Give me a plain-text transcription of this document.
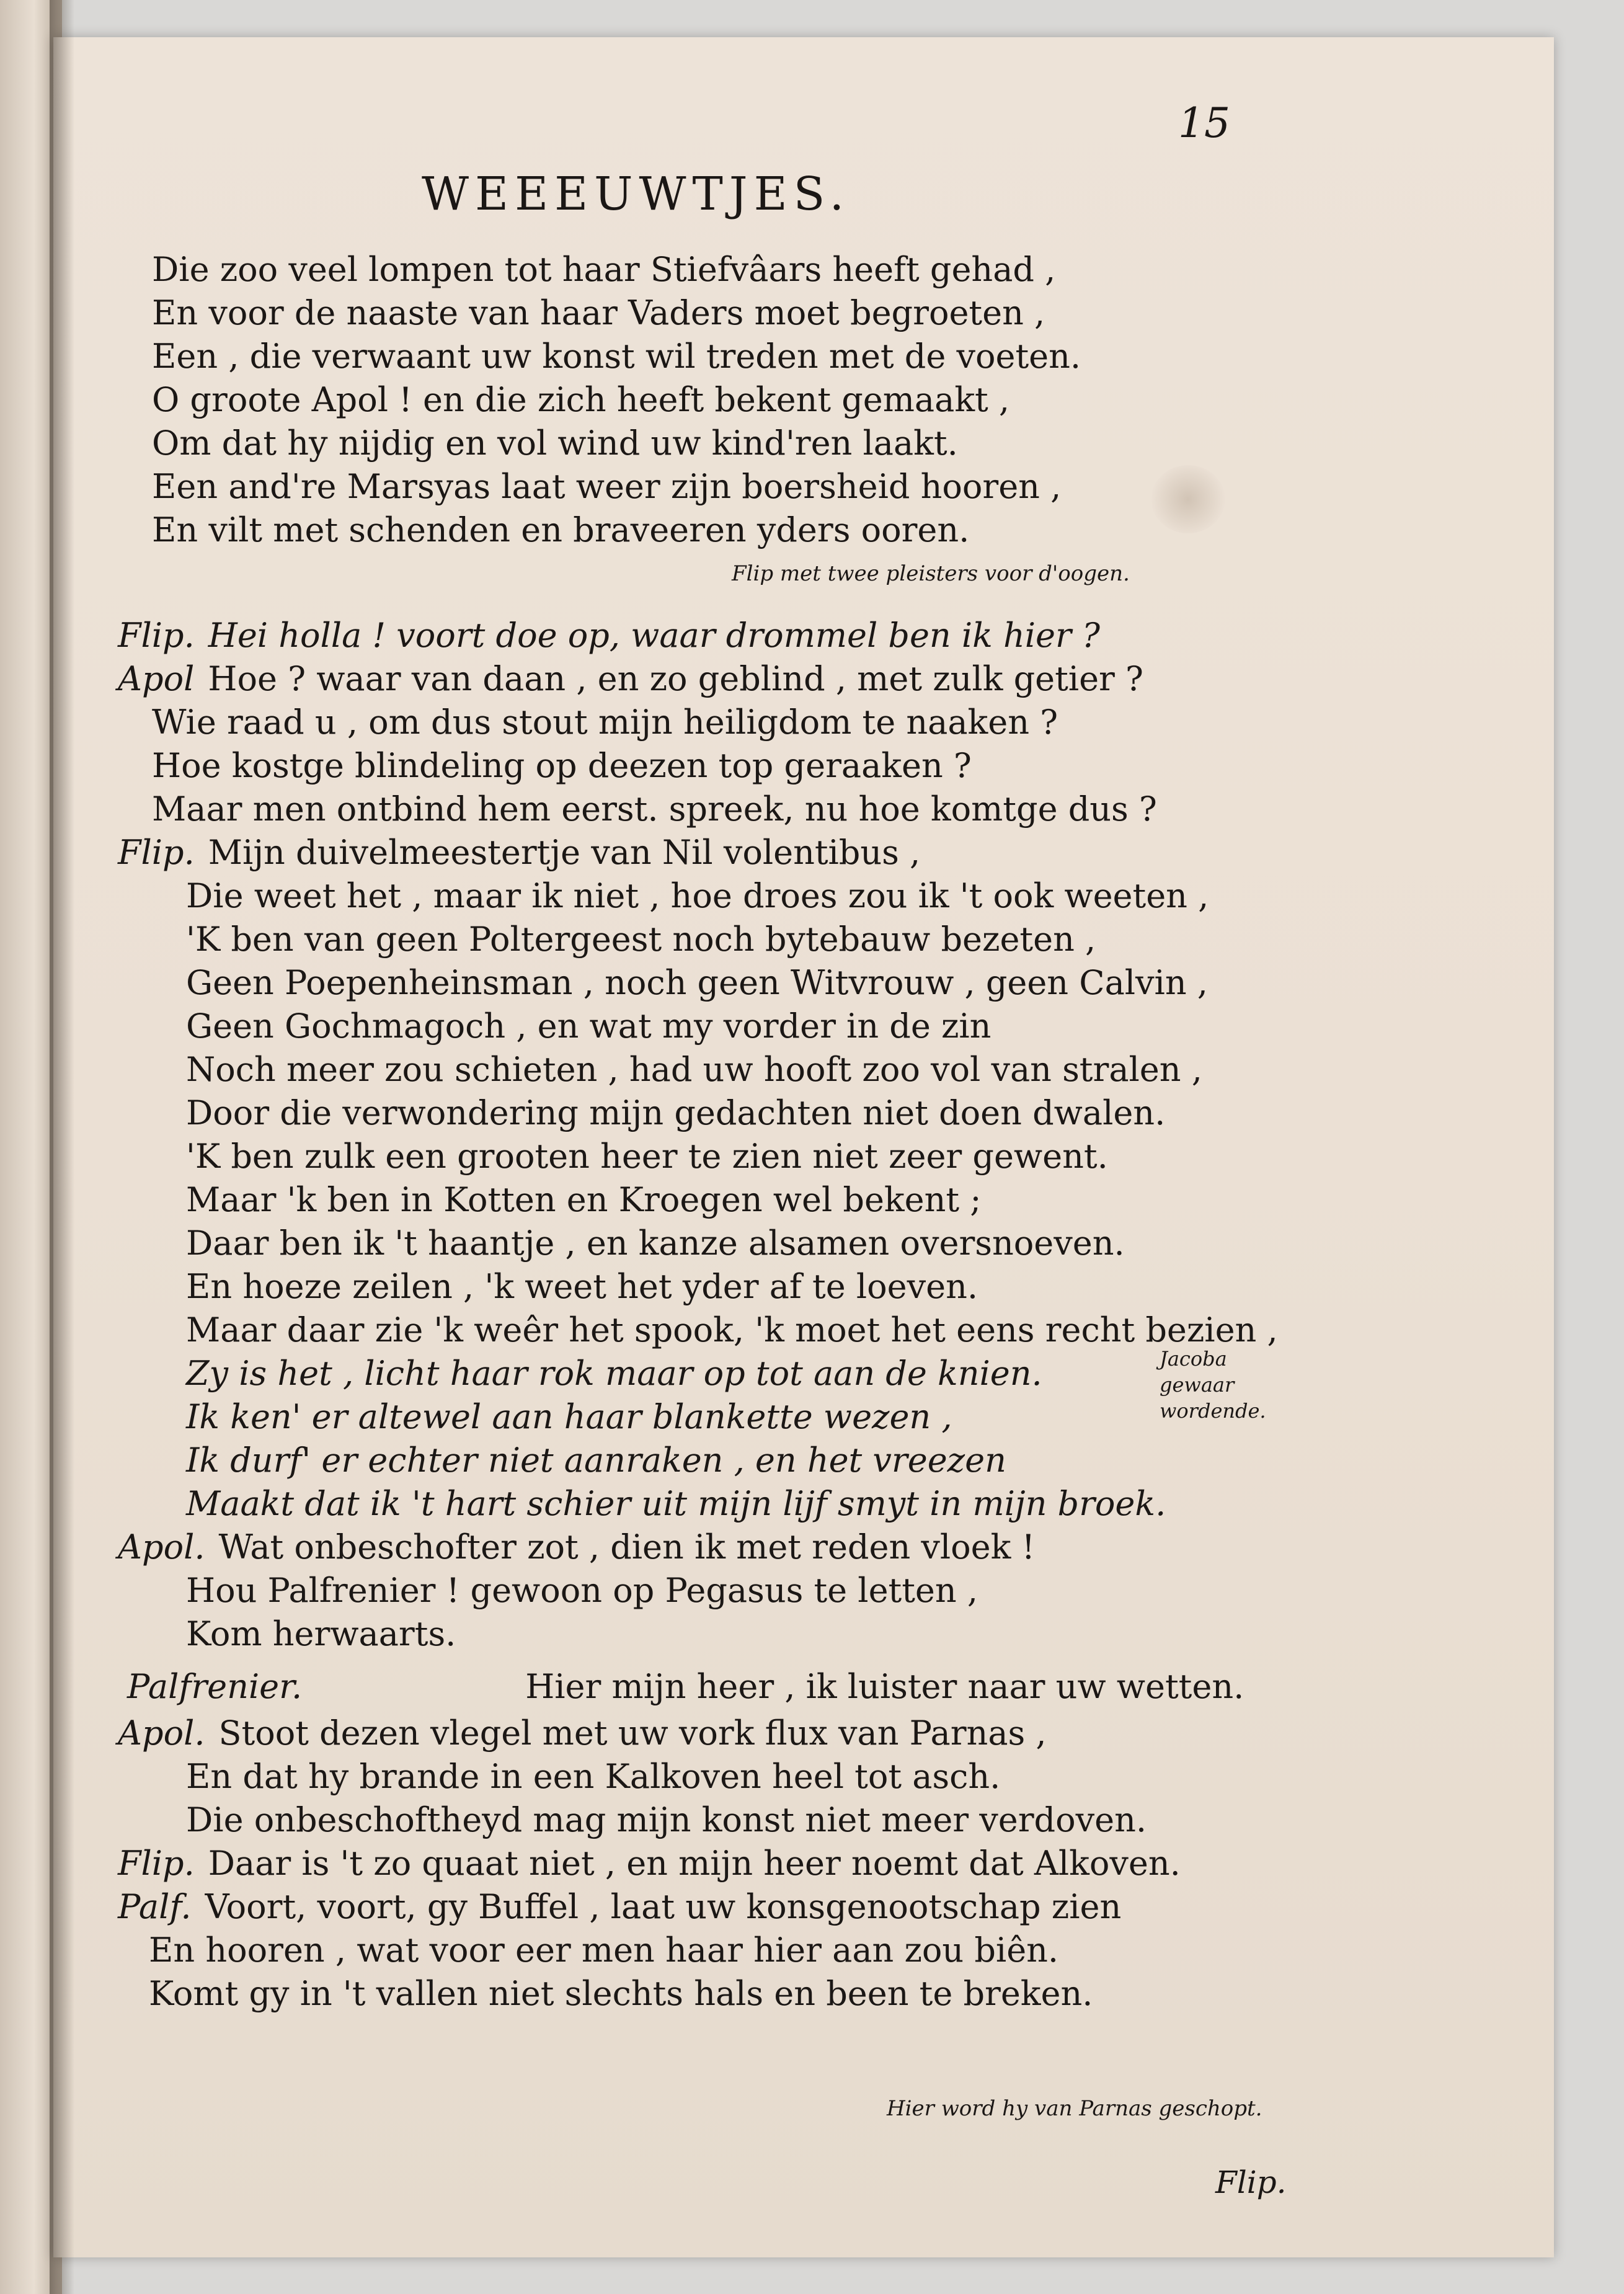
15
WEEEUWTJES.
Die zoo veel lompen tot haar Stiefvâars heeft gehad ,
En voor de naaste van haar Vaders moet begroeten ,
Een , die verwaant uw konst wil treden met de voeten.
O groote Apol ! en die zich heeft bekent gemaakt ,
Om dat hy nijdig en vol wind uw kind'ren laakt.
Een and're Marsyas laat weer zijn boersheid hooren ,
En vilt met schenden en braveeren yders ooren.
Flip met twee pleisters voor d'oogen.
Flip. Hei holla ! voort doe op, waar drommel ben ik hier ?
Apol Hoe ? waar van daan , en zo geblind , met zulk getier ?
Wie raad u , om dus stout mijn heiligdom te naaken ?
Hoe kostge blindeling op deezen top geraaken ?
Maar men ontbind hem eerst. spreek, nu hoe komtge dus ?
Flip. Mijn duivelmeestertje van Nil volentibus ,
Die weet het , maar ik niet , hoe droes zou ik 't ook weeten ,
'K ben van geen Poltergeest noch bytebauw bezeten ,
Geen Poepenheinsman , noch geen Witvrouw , geen Calvin ,
Geen Gochmagoch , en wat my vorder in de zin
Noch meer zou schieten , had uw hooft zoo vol van stralen ,
Door die verwondering mijn gedachten niet doen dwalen.
'K ben zulk een grooten heer te zien niet zeer gewent.
Maar 'k ben in Kotten en Kroegen wel bekent ;
Daar ben ik 't haantje , en kanze alsamen oversnoeven.
En hoeze zeilen , 'k weet het yder af te loeven.
Maar daar zie 'k weêr het spook, 'k moet het eens recht bezien ,
Zy is het , licht haar rok maar op tot aan de knien.
Ik ken' er altewel aan haar blankette wezen ,
Ik durf' er echter niet aanraken , en het vreezen
Maakt dat ik 't hart schier uit mijn lijf smyt in mijn broek.
Apol. Wat onbeschofter zot , dien ik met reden vloek !
Hou Palfrenier ! gewoon op Pegasus te letten ,
Kom herwaarts.
Palfrenier.	Hier mijn heer , ik luister naar uw wetten.
Apol. Stoot dezen vlegel met uw vork flux van Parnas ,
En dat hy brande in een Kalkoven heel tot asch.
Die onbeschoftheyd mag mijn konst niet meer verdoven.
Flip. Daar is 't zo quaat niet , en mijn heer noemt dat Alkoven.
Palf. Voort, voort, gy Buffel , laat uw konsgenootschap zien
En hooren , wat voor eer men haar hier aan zou biên.
Komt gy in 't vallen niet slechts hals en been te breken.
Jacoba
gewaar
wordende.
Hier word hy van Parnas geschopt.
Flip.
